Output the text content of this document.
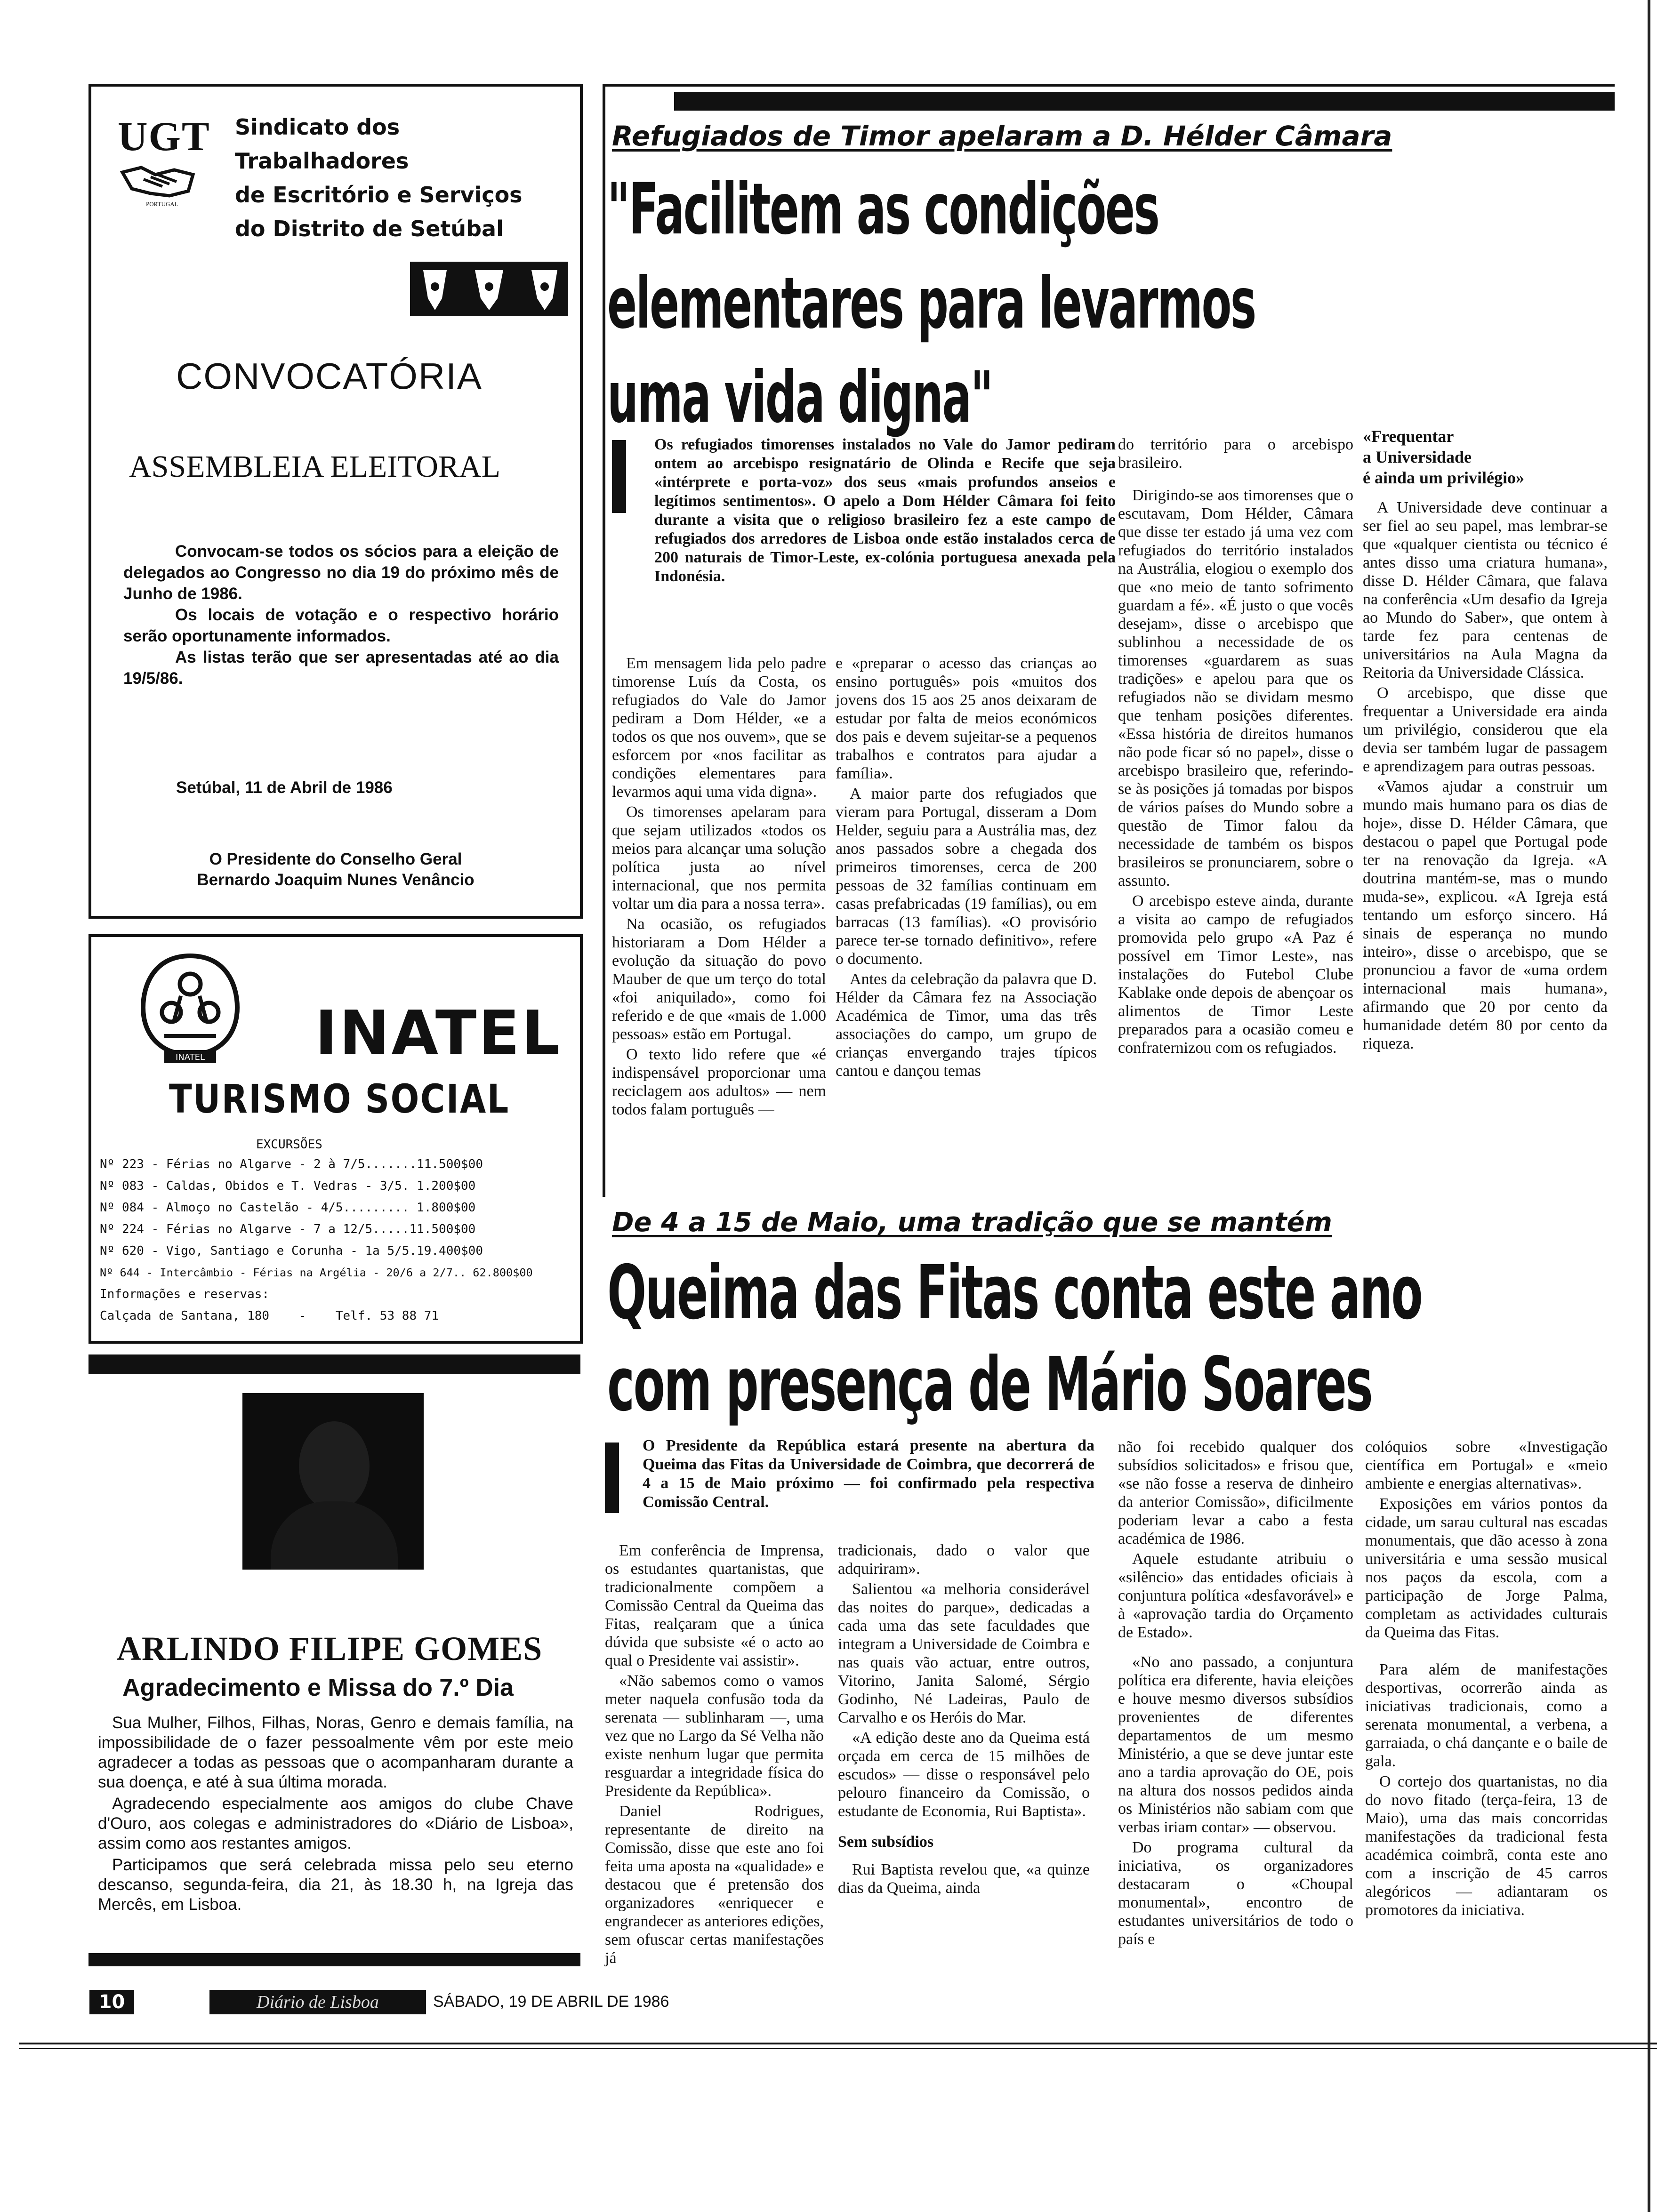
UGT
PORTUGAL
Sindicato dos Trabalhadores
de Escritório e Serviços
do Distrito de Setúbal
CONVOCATÓRIA
ASSEMBLEIA ELEITORAL

Convocam-se todos os sócios para a eleição de delegados ao Congresso no dia 19 do próximo mês de Junho de 1986.

Os locais de votação e o respectivo horário serão oportunamente informados.

As listas terão que ser apresentadas até ao dia 19/5/86.

Setúbal, 11 de Abril de 1986
O Presidente do Conselho Geral
Bernardo Joaquim Nunes Venâncio
INATEL INATEL
TURISMO SOCIAL
EXCURSÕES
Nº 223 - Férias no Algarve - 2 à 7/5.......11.500$00
Nº 083 - Caldas, Obidos e T. Vedras - 3/5. 1.200$00
Nº 084 - Almoço no Castelão - 4/5......... 1.800$00
Nº 224 - Férias no Algarve - 7 a 12/5.....11.500$00
Nº 620 - Vigo, Santiago e Corunha - 1a 5/5.19.400$00
Nº 644 - Intercâmbio - Férias na Argélia - 20/6 a 2/7.. 62.800$00
Informações e reservas:
Calçada de Santana, 180    -    Telf. 53 88 71
ARLINDO FILIPE GOMES
Agradecimento e Missa do 7.º Dia

Sua Mulher, Filhos, Filhas, Noras, Genro e demais família, na impossibilidade de o fazer pessoalmente vêm por este meio agradecer a todas as pessoas que o acompanharam durante a sua doença, e até à sua última morada.

Agradecendo especialmente aos amigos do clube Chave d'Ouro, aos colegas e administradores do «Diário de Lisboa», assim como aos restantes amigos.

Participamos que será celebrada missa pelo seu eterno descanso, segunda-feira, dia 21, às 18.30 h, na Igreja das Mercês, em Lisboa.

Refugiados de Timor apelaram a D. Hélder Câmara
"Facilitem as condições
elementares para levarmos
uma vida digna"
Os refugiados timorenses instalados no Vale do Jamor pediram ontem ao arcebispo resignatário de Olinda e Recife que seja «intérprete e porta-voz» dos seus «mais profundos anseios e legítimos sentimentos». O apelo a Dom Hélder Câmara foi feito durante a visita que o religioso brasileiro fez a este campo de refugiados dos arredores de Lisboa onde estão instalados cerca de 200 naturais de Timor-Leste, ex-colónia portuguesa anexada pela Indonésia.

Em mensagem lida pelo padre timorense Luís da Costa, os refugiados do Vale do Jamor pediram a Dom Hélder, «e a todos os que nos ouvem», que se esforcem por «nos facilitar as condições elementares para levarmos aqui uma vida digna».

Os timorenses apelaram para que sejam utilizados «todos os meios para alcançar uma solução política justa ao nível internacional, que nos permita voltar um dia para a nossa terra».

Na ocasião, os refugiados historiaram a Dom Hélder a evolução da situação do povo Mauber de que um terço do total «foi aniquilado», como foi referido e de que «mais de 1.000 pessoas» estão em Portugal.

O texto lido refere que «é indispensável proporcionar uma reciclagem aos adultos» — nem todos falam português —

e «preparar o acesso das crianças ao ensino português» pois «muitos dos jovens dos 15 aos 25 anos deixaram de estudar por falta de meios económicos dos pais e devem sujeitar-se a pequenos trabalhos e contratos para ajudar a família».

A maior parte dos refugiados que vieram para Portugal, disseram a Dom Helder, seguiu para a Austrália mas, dez anos passados sobre a chegada dos primeiros timorenses, cerca de 200 pessoas de 32 famílias continuam em casas prefabricadas (19 famílias), ou em barracas (13 famílias). «O provisório parece ter-se tornado definitivo», refere o documento.

Antes da celebração da palavra que D. Hélder da Câmara fez na Associação Académica de Timor, uma das três associações do campo, um grupo de crianças envergando trajes típicos cantou e dançou temas

do território para o arcebispo brasileiro.

Dirigindo-se aos timorenses que o escutavam, Dom Hélder, Câmara que disse ter estado já uma vez com refugiados do território instalados na Austrália, elogiou o exemplo dos que «no meio de tanto sofrimento guardam a fé». «É justo o que vocês desejam», disse o arcebispo que sublinhou a necessidade de os timorenses «guardarem as suas tradições» e apelou para que os refugiados não se dividam mesmo que tenham posições diferentes. «Essa história de direitos humanos não pode ficar só no papel», disse o arcebispo brasileiro que, referindo-se às posições já tomadas por bispos de vários países do Mundo sobre a questão de Timor falou da necessidade de também os bispos brasileiros se pronunciarem, sobre o assunto.

O arcebispo esteve ainda, durante a visita ao campo de refugiados promovida pelo grupo «A Paz é possível em Timor Leste», nas instalações do Futebol Clube Kablake onde depois de abençoar os alimentos de Timor Leste preparados para a ocasião comeu e confraternizou com os refugiados.

«Frequentar
a Universidade
é ainda um privilégio»

A Universidade deve continuar a ser fiel ao seu papel, mas lembrar-se que «qualquer cientista ou técnico é antes disso uma criatura humana», disse D. Hélder Câmara, que falava na conferência «Um desafio da Igreja ao Mundo do Saber», que ontem à tarde fez para centenas de universitários na Aula Magna da Reitoria da Universidade Clássica.

O arcebispo, que disse que frequentar a Universidade era ainda um privilégio, considerou que ela devia ser também lugar de passagem e aprendizagem para outras pessoas.

«Vamos ajudar a construir um mundo mais humano para os dias de hoje», disse D. Hélder Câmara, que destacou o papel que Portugal pode ter na renovação da Igreja. «A doutrina mantém-se, mas o mundo muda-se», explicou. «A Igreja está tentando um esforço sincero. Há sinais de esperança no mundo inteiro», disse o arcebispo, que se pronunciou a favor de «uma ordem internacional mais humana», afirmando que 20 por cento da humanidade detém 80 por cento da riqueza.

De 4 a 15 de Maio, uma tradição que se mantém
Queima das Fitas conta este ano
com presença de Mário Soares
O Presidente da República estará presente na abertura da Queima das Fitas da Universidade de Coimbra, que decorrerá de 4 a 15 de Maio próximo — foi confirmado pela respectiva Comissão Central.

Em conferência de Imprensa, os estudantes quartanistas, que tradicionalmente compõem a Comissão Central da Queima das Fitas, realçaram que a única dúvida que subsiste «é o acto ao qual o Presidente vai assistir».

«Não sabemos como o vamos meter naquela confusão toda da serenata — sublinharam —, uma vez que no Largo da Sé Velha não existe nenhum lugar que permita resguardar a integridade física do Presidente da República».

Daniel Rodrigues, representante de direito na Comissão, disse que este ano foi feita uma aposta na «qualidade» e destacou que é pretensão dos organizadores «enriquecer e engrandecer as anteriores edições, sem ofuscar certas manifestações já

tradicionais, dado o valor que adquiriram».

Salientou «a melhoria considerável das noites do parque», dedicadas a cada uma das sete faculdades que integram a Universidade de Coimbra e nas quais vão actuar, entre outros, Vitorino, Janita Salomé, Sérgio Godinho, Né Ladeiras, Paulo de Carvalho e os Heróis do Mar.

«A edição deste ano da Queima está orçada em cerca de 15 milhões de escudos» — disse o responsável pelo pelouro financeiro da Comissão, o estudante de Economia, Rui Baptista».

Sem subsídios

Rui Baptista revelou que, «a quinze dias da Queima, ainda

não foi recebido qualquer dos subsídios solicitados» e frisou que, «se não fosse a reserva de dinheiro da anterior Comissão», dificilmente poderiam levar a cabo a festa académica de 1986.

Aquele estudante atribuiu o «silêncio» das entidades oficiais à conjuntura política «desfavorável» e à «aprovação tardia do Orçamento de Estado».

«No ano passado, a conjuntura política era diferente, havia eleições e houve mesmo diversos subsídios provenientes de diferentes departamentos de um mesmo Ministério, a que se deve juntar este ano a tardia aprovação do OE, pois na altura dos nossos pedidos ainda os Ministérios não sabiam com que verbas iriam contar» — observou.

Do programa cultural da iniciativa, os organizadores destacaram o «Choupal monumental», encontro de estudantes universitários de todo o país e

colóquios sobre «Investigação científica em Portugal» e «meio ambiente e energias alternativas».

Exposições em vários pontos da cidade, um sarau cultural nas escadas monumentais, que dão acesso à zona universitária e uma sessão musical nos paços da escola, com a participação de Jorge Palma, completam as actividades culturais da Queima das Fitas.

Para além de manifestações desportivas, ocorrerão ainda as iniciativas tradicionais, como a serenata monumental, a verbena, a garraiada, o chá dançante e o baile de gala.

O cortejo dos quartanistas, no dia do novo fitado (terça-feira, 13 de Maio), uma das mais concorridas manifestações da tradicional festa académica coimbrã, conta este ano com a inscrição de 45 carros alegóricos — adiantaram os promotores da iniciativa.

10	Diário de Lisboa	SÁBADO, 19 DE ABRIL DE 1986
